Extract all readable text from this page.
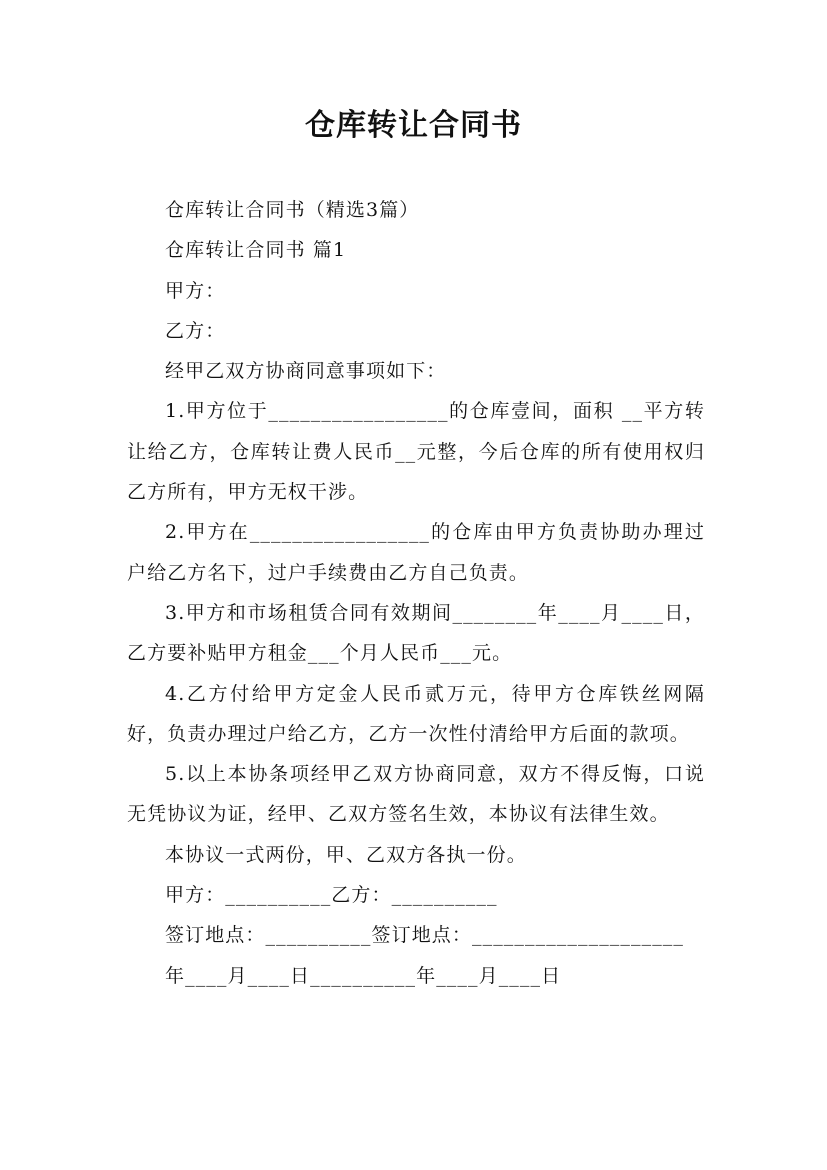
仓库转让合同书

仓库转让合同书（精选3篇）

仓库转让合同书 篇1

甲方：

乙方：

经甲乙双方协商同意事项如下：

1.甲方位于_________________的仓库壹间，面积 __平方转让给乙方，仓库转让费人民币__元整，今后仓库的所有使用权归乙方所有，甲方无权干涉。

2.甲方在_________________的仓库由甲方负责协助办理过户给乙方名下，过户手续费由乙方自己负责。

3.甲方和市场租赁合同有效期间________年____月____日，乙方要补贴甲方租金___个月人民币___元。

4.乙方付给甲方定金人民币贰万元，待甲方仓库铁丝网隔好，负责办理过户给乙方，乙方一次性付清给甲方后面的款项。

5.以上本协条项经甲乙双方协商同意，双方不得反悔，口说无凭协议为证，经甲、乙双方签名生效，本协议有法律生效。

本协议一式两份，甲、乙双方各执一份。

甲方：__________乙方：__________

签订地点：__________签订地点：____________________

年____月____日__________年____月____日
